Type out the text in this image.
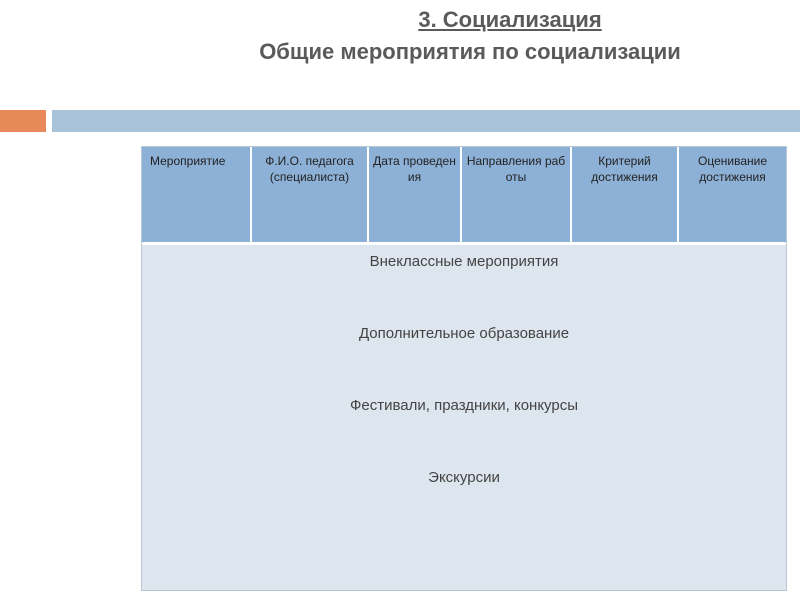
3. Социализация
Общие мероприятия по социализации
Мероприятие	Ф.И.О. педагога (специалиста)
Дата проведения
Направления работы
Критерий достижения
Оценивание достижения
Внеклассные мероприятия
Дополнительное образование
Фестивали, праздники, конкурсы
Экскурсии
